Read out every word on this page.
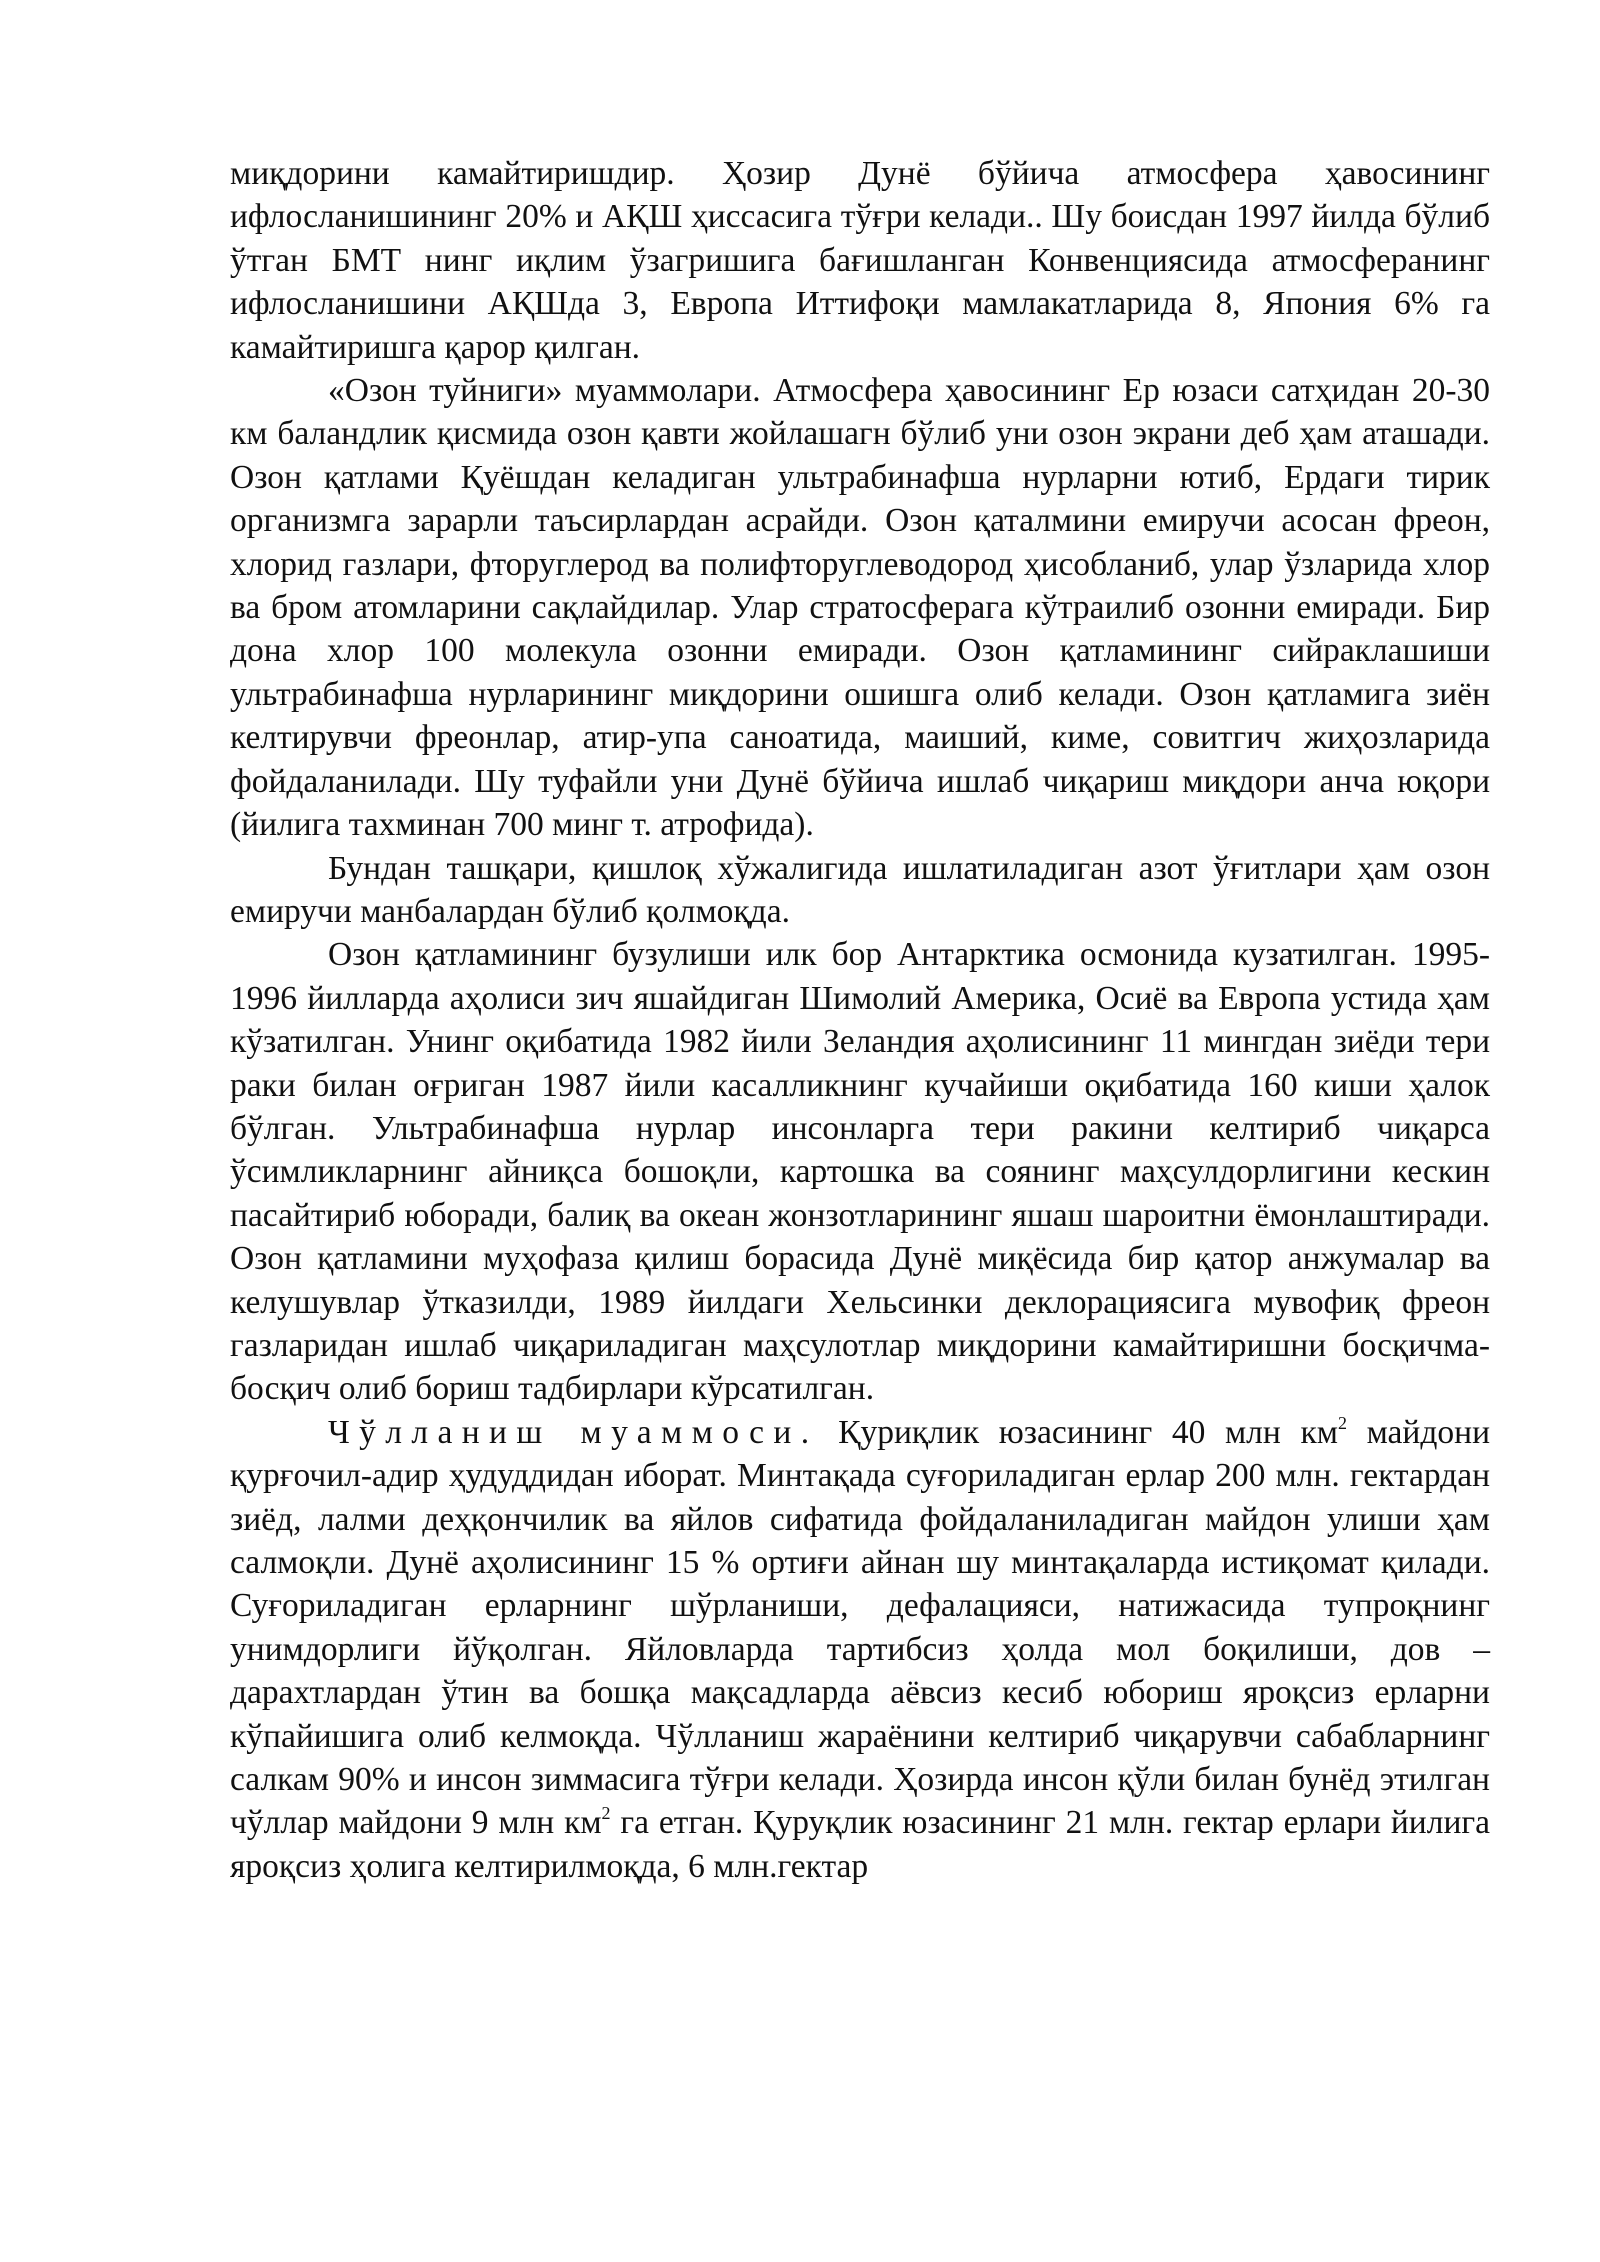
миқдорини камайтиришдир. Ҳозир Дунё бўйича атмосфера ҳавосининг ифлосланишининг 20% и АҚШ ҳиссасига тўғри келади.. Шу боисдан 1997 йилда бўлиб ўтган БМТ нинг иқлим ўзагришига бағишланган Конвенциясида атмосферанинг ифлосланишини АҚШда 3, Европа Иттифоқи мамлакатларида 8, Япония 6% га камайтиришга қарор қилган.

«Озон туйниги» муаммолари. Атмосфера ҳавосининг Ер юзаси сатҳидан 20-30 км баландлик қисмида озон қавти жойлашагн бўлиб уни озон экрани деб ҳам аташади. Озон қатлами Қуёшдан келадиган ультрабинафша нурларни ютиб, Ердаги тирик организмга зарарли таъсирлардан асрайди. Озон қаталмини емиручи асосан фреон, хлорид газлари, фторуглерод ва полифторуглеводород ҳисобланиб, улар ўзларида хлор ва бром атомларини сақлайдилар. Улар стратосферага кўтраилиб озонни емиради. Бир дона хлор 100 молекула озонни емиради. Озон қатламининг сийраклашиши ультрабинафша нурларининг миқдорини ошишга олиб келади. Озон қатламига зиён келтирувчи фреонлар, атир-упа саноатида, маиший, киме, совитгич жиҳозларида фойдаланилади. Шу туфайли уни Дунё бўйича ишлаб чиқариш миқдори анча юқори (йилига тахминан 700 минг т. атрофида).

Бундан ташқари, қишлоқ хўжалигида ишлатиладиган азот ўғитлари ҳам озон емиручи манбалардан бўлиб қолмоқда.

Озон қатламининг бузулиши илк бор Антарктика осмонида кузатилган. 1995-1996 йилларда аҳолиси зич яшайдиган Шимолий Америка, Осиё ва Европа устида ҳам кўзатилган. Унинг оқибатида 1982 йили Зеландия аҳолисининг 11 мингдан зиёди тери раки билан оғриган 1987 йили касалликнинг кучайиши оқибатида 160 киши ҳалок бўлган. Ультрабинафша нурлар инсонларга тери ракини келтириб чиқарса ўсимликларнинг айниқса бошоқли, картошка ва соянинг маҳсулдорлигини кескин пасайтириб юборади, балиқ ва океан жонзотларининг яшаш шароитни ёмонлаштиради. Озон қатламини муҳофаза қилиш борасида Дунё миқёсида бир қатор анжумалар ва келушувлар ўтказилди, 1989 йилдаги Хельсинки деклорациясига мувофиқ фреон газларидан ишлаб чиқариладиган маҳсулотлар миқдорини камайтиришни босқичма-босқич олиб бориш тадбирлари кўрсатилган.

Чўлланиш муаммоси. Қуриқлик юзасининг 40 млн $км^2$ майдони қурғочил-адир ҳудуддидан иборат. Минтақада суғориладиган ерлар 200 млн. гектардан зиёд, лалми деҳқончилик ва яйлов сифатида фойдаланиладиган майдон улиши ҳам салмоқли. Дунё аҳолисининг 15 % ортиғи айнан шу минтақаларда истиқомат қилади. Суғориладиган ерларнинг шўрланиши, дефалацияси, натижасида тупроқнинг унимдорлиги йўқолган. Яйловларда тартибсиз ҳолда мол боқилиши, дов – дарахтлардан ўтин ва бошқа мақсадларда аёвсиз кесиб юбориш яроқсиз ерларни кўпайишига олиб келмоқда. Чўлланиш жараёнини келтириб чиқарувчи сабабларнинг салкам 90% и инсон зиммасига тўғри келади. Ҳозирда инсон қўли билан бунёд этилган чўллар майдони 9 млн $км^2$ га етган. Қуруқлик юзасининг 21 млн. гектар ерлари йилига яроқсиз ҳолига келтирилмоқда, 6 млн.гектар
